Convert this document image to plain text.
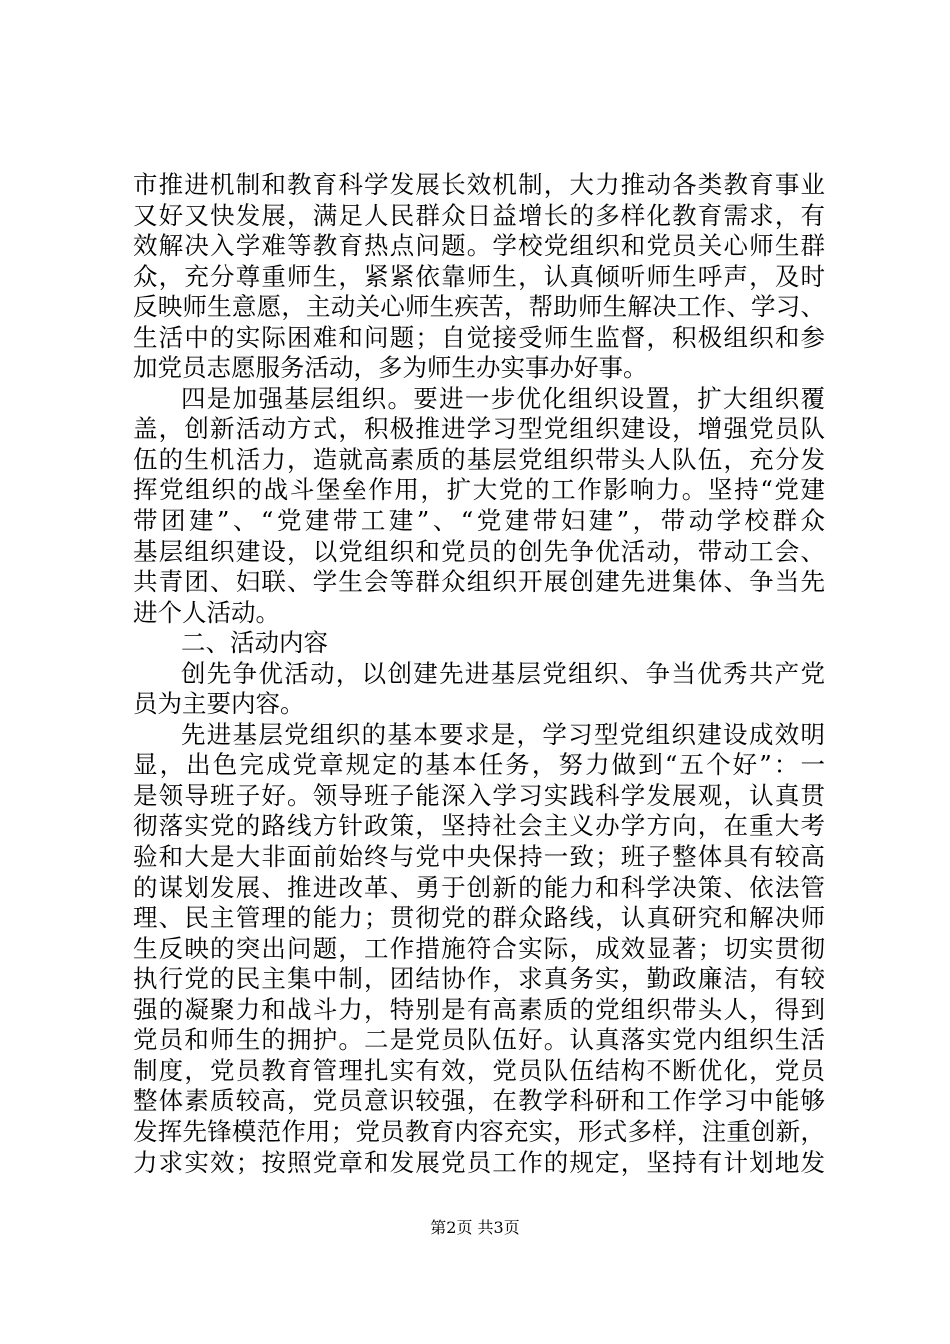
市推进机制和教育科学发展长效机制，大力推动各类教育事业
又好又快发展，满足人民群众日益增长的多样化教育需求，有
效解决入学难等教育热点问题。学校党组织和党员关心师生群
众，充分尊重师生，紧紧依靠师生，认真倾听师生呼声，及时
反映师生意愿，主动关心师生疾苦，帮助师生解决工作、学习、
生活中的实际困难和问题；自觉接受师生监督，积极组织和参
加党员志愿服务活动，多为师生办实事办好事。
四是加强基层组织。要进一步优化组织设置，扩大组织覆
盖，创新活动方式，积极推进学习型党组织建设，增强党员队
伍的生机活力，造就高素质的基层党组织带头人队伍，充分发
挥党组织的战斗堡垒作用，扩大党的工作影响力。坚持“党建
带团建”、“党建带工建”、“党建带妇建”，带动学校群众
基层组织建设，以党组织和党员的创先争优活动，带动工会、
共青团、妇联、学生会等群众组织开展创建先进集体、争当先
进个人活动。
二、活动内容
创先争优活动，以创建先进基层党组织、争当优秀共产党
员为主要内容。
先进基层党组织的基本要求是，学习型党组织建设成效明
显，出色完成党章规定的基本任务，努力做到“五个好”：一
是领导班子好。领导班子能深入学习实践科学发展观，认真贯
彻落实党的路线方针政策，坚持社会主义办学方向，在重大考
验和大是大非面前始终与党中央保持一致；班子整体具有较高
的谋划发展、推进改革、勇于创新的能力和科学决策、依法管
理、民主管理的能力；贯彻党的群众路线，认真研究和解决师
生反映的突出问题，工作措施符合实际，成效显著；切实贯彻
执行党的民主集中制，团结协作，求真务实，勤政廉洁，有较
强的凝聚力和战斗力，特别是有高素质的党组织带头人，得到
党员和师生的拥护。二是党员队伍好。认真落实党内组织生活
制度，党员教育管理扎实有效，党员队伍结构不断优化，党员
整体素质较高，党员意识较强，在教学科研和工作学习中能够
发挥先锋模范作用；党员教育内容充实，形式多样，注重创新，
力求实效；按照党章和发展党员工作的规定，坚持有计划地发
第2页 共3页
